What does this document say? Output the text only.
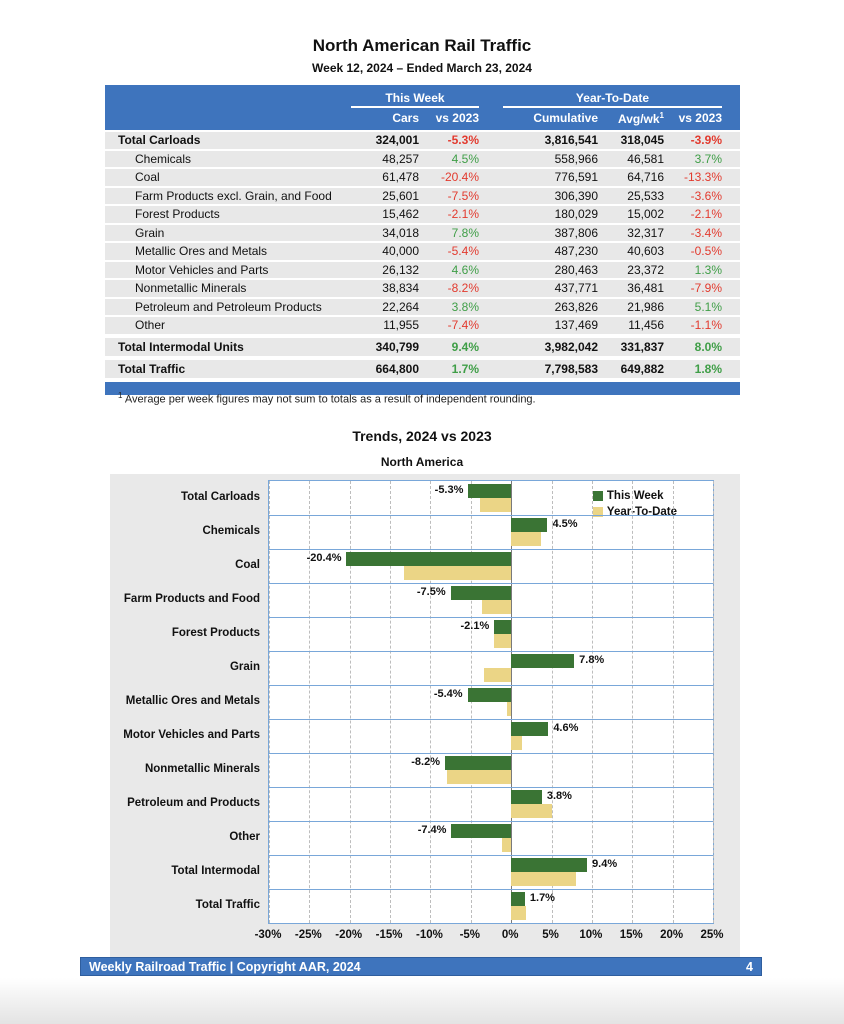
North American Rail Traffic
Week 12, 2024 – Ended March 23, 2024
This Week	Year-To-Date
Cars	vs 2023	Cumulative	Avg/$wk^1$	vs 2023
Total Carloads	324,001	-5.3%	3,816,541	318,045	-3.9%
Chemicals	48,257	4.5%	558,966	46,581	3.7%
Coal	61,478	-20.4%	776,591	64,716	-13.3%
Farm Products excl. Grain, and Food	25,601	-7.5%	306,390	25,533	-3.6%
Forest Products	15,462	-2.1%	180,029	15,002	-2.1%
Grain	34,018	7.8%	387,806	32,317	-3.4%
Metallic Ores and Metals	40,000	-5.4%	487,230	40,603	-0.5%
Motor Vehicles and Parts	26,132	4.6%	280,463	23,372	1.3%
Nonmetallic Minerals	38,834	-8.2%	437,771	36,481	-7.9%
Petroleum and Petroleum Products	22,264	3.8%	263,826	21,986	5.1%
Other	11,955	-7.4%	137,469	11,456	-1.1%
Total Intermodal Units	340,799	9.4%	3,982,042	331,837	8.0%
Total Traffic	664,800	1.7%	7,798,583	649,882	1.8%
$^1$ Average per week figures may not sum to totals as a result of independent rounding.
Trends, 2024 vs 2023
North America
Total Carloads
Chemicals
Coal
Farm Products and Food
Forest Products
Grain
Metallic Ores and Metals
Motor Vehicles and Parts
Nonmetallic Minerals
Petroleum and Products
Other
Total Intermodal
Total Traffic
This Week
Year-To-Date
-5.3%
4.5%
-20.4%
-7.5%
-2.1%
7.8%
-5.4%
4.6%
-8.2%
3.8%
-7.4%
9.4%
1.7%
-30% -25% -20% -15% -10% -5% 0% 5% 10% 15% 20% 25%
Weekly Railroad Traffic | Copyright AAR, 2024	4
